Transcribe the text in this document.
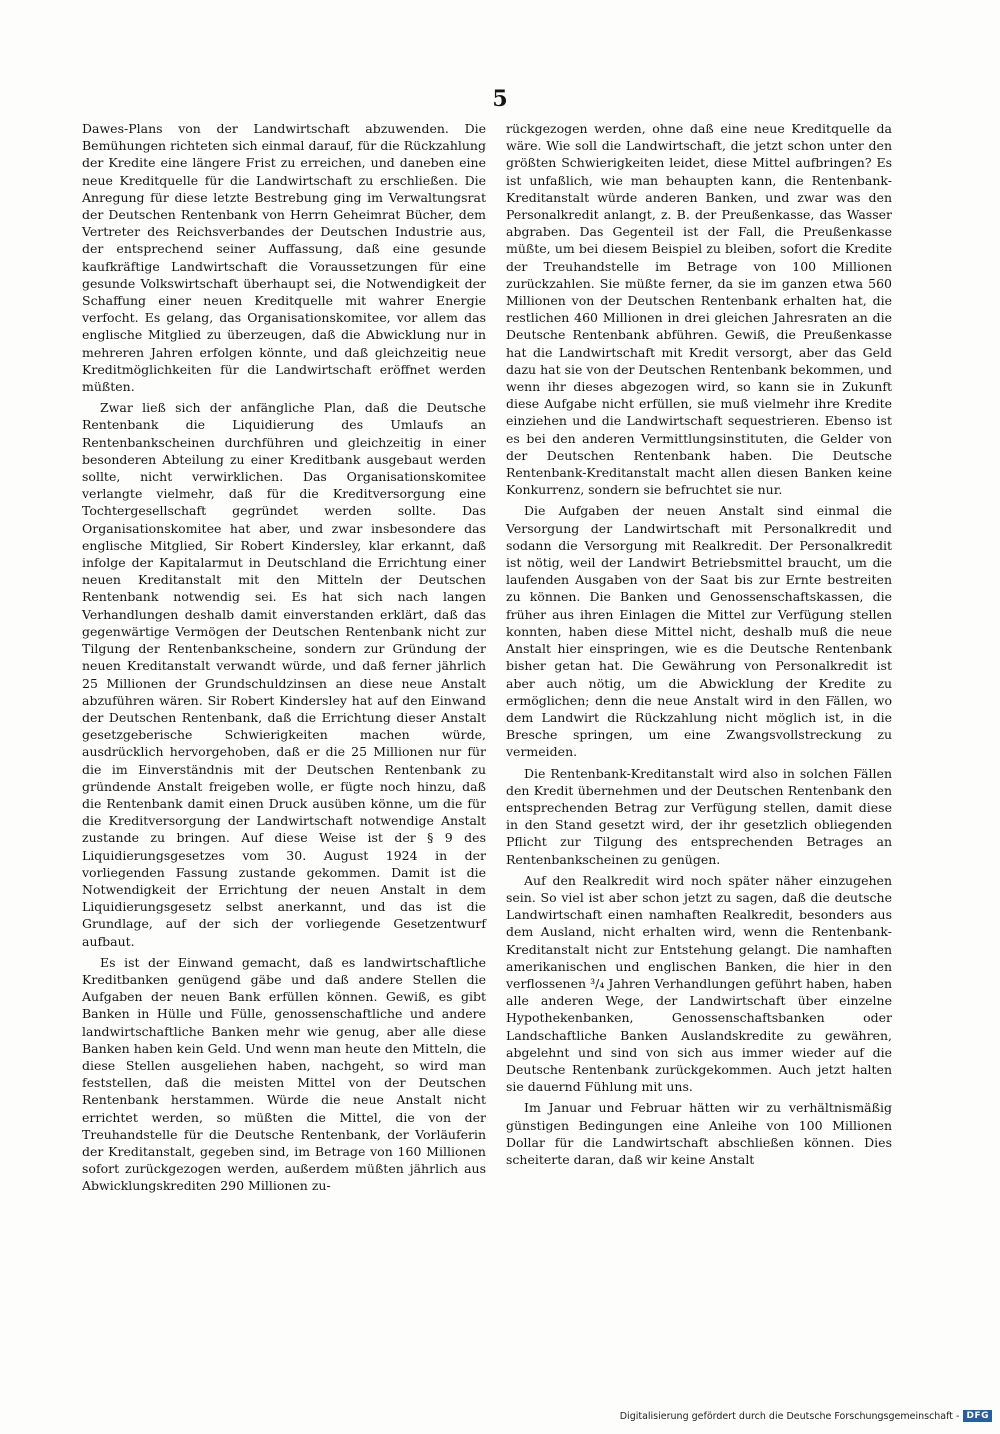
5

Dawes-Plans von der Landwirtschaft abzuwenden. Die Bemühungen richteten sich einmal darauf, für die Rückzahlung der Kredite eine längere Frist zu erreichen, und daneben eine neue Kreditquelle für die Landwirtschaft zu erschließen. Die Anregung für diese letzte Bestrebung ging im Verwaltungsrat der Deutschen Rentenbank von Herrn Geheimrat Bücher, dem Vertreter des Reichsverbandes der Deutschen Industrie aus, der entsprechend seiner Auffassung, daß eine gesunde kaufkräftige Landwirtschaft die Voraussetzungen für eine gesunde Volkswirtschaft überhaupt sei, die Notwendigkeit der Schaffung einer neuen Kreditquelle mit wahrer Energie verfocht. Es gelang, das Organisationskomitee, vor allem das englische Mitglied zu überzeugen, daß die Abwicklung nur in mehreren Jahren erfolgen könnte, und daß gleichzeitig neue Kreditmöglichkeiten für die Landwirtschaft eröffnet werden müßten.

Zwar ließ sich der anfängliche Plan, daß die Deutsche Rentenbank die Liquidierung des Umlaufs an Rentenbankscheinen durchführen und gleichzeitig in einer besonderen Abteilung zu einer Kreditbank ausgebaut werden sollte, nicht verwirklichen. Das Organisationskomitee verlangte vielmehr, daß für die Kreditversorgung eine Tochtergesellschaft gegründet werden sollte. Das Organisationskomitee hat aber, und zwar insbesondere das englische Mitglied, Sir Robert Kindersley, klar erkannt, daß infolge der Kapitalarmut in Deutschland die Errichtung einer neuen Kreditanstalt mit den Mitteln der Deutschen Rentenbank notwendig sei. Es hat sich nach langen Verhandlungen deshalb damit einverstanden erklärt, daß das gegenwärtige Vermögen der Deutschen Rentenbank nicht zur Tilgung der Rentenbankscheine, sondern zur Gründung der neuen Kreditanstalt verwandt würde, und daß ferner jährlich 25 Millionen der Grundschuldzinsen an diese neue Anstalt abzuführen wären. Sir Robert Kindersley hat auf den Einwand der Deutschen Rentenbank, daß die Errichtung dieser Anstalt gesetzgeberische Schwierigkeiten machen würde, ausdrücklich hervorgehoben, daß er die 25 Millionen nur für die im Einverständnis mit der Deutschen Rentenbank zu gründende Anstalt freigeben wolle, er fügte noch hinzu, daß die Rentenbank damit einen Druck ausüben könne, um die für die Kreditversorgung der Landwirtschaft notwendige Anstalt zustande zu bringen. Auf diese Weise ist der § 9 des Liquidierungsgesetzes vom 30. August 1924 in der vorliegenden Fassung zustande gekommen. Damit ist die Notwendigkeit der Errichtung der neuen Anstalt in dem Liquidierungsgesetz selbst anerkannt, und das ist die Grundlage, auf der sich der vorliegende Gesetzentwurf aufbaut.

Es ist der Einwand gemacht, daß es landwirtschaftliche Kreditbanken genügend gäbe und daß andere Stellen die Aufgaben der neuen Bank erfüllen können. Gewiß, es gibt Banken in Hülle und Fülle, genossenschaftliche und andere landwirtschaftliche Banken mehr wie genug, aber alle diese Banken haben kein Geld. Und wenn man heute den Mitteln, die diese Stellen ausgeliehen haben, nachgeht, so wird man feststellen, daß die meisten Mittel von der Deutschen Rentenbank herstammen. Würde die neue Anstalt nicht errichtet werden, so müßten die Mittel, die von der Treuhandstelle für die Deutsche Rentenbank, der Vorläuferin der Kreditanstalt, gegeben sind, im Betrage von 160 Millionen sofort zurückgezogen werden, außerdem müßten jährlich aus Abwicklungskrediten 290 Millionen zu-

rückgezogen werden, ohne daß eine neue Kreditquelle da wäre. Wie soll die Landwirtschaft, die jetzt schon unter den größten Schwierigkeiten leidet, diese Mittel aufbringen? Es ist unfaßlich, wie man behaupten kann, die Rentenbank-Kreditanstalt würde anderen Banken, und zwar was den Personalkredit anlangt, z. B. der Preußenkasse, das Wasser abgraben. Das Gegenteil ist der Fall, die Preußenkasse müßte, um bei diesem Beispiel zu bleiben, sofort die Kredite der Treuhandstelle im Betrage von 100 Millionen zurückzahlen. Sie müßte ferner, da sie im ganzen etwa 560 Millionen von der Deutschen Rentenbank erhalten hat, die restlichen 460 Millionen in drei gleichen Jahresraten an die Deutsche Rentenbank abführen. Gewiß, die Preußenkasse hat die Landwirtschaft mit Kredit versorgt, aber das Geld dazu hat sie von der Deutschen Rentenbank bekommen, und wenn ihr dieses abgezogen wird, so kann sie in Zukunft diese Aufgabe nicht erfüllen, sie muß vielmehr ihre Kredite einziehen und die Landwirtschaft sequestrieren. Ebenso ist es bei den anderen Vermittlungsinstituten, die Gelder von der Deutschen Rentenbank haben. Die Deutsche Rentenbank-Kreditanstalt macht allen diesen Banken keine Konkurrenz, sondern sie befruchtet sie nur.

Die Aufgaben der neuen Anstalt sind einmal die Versorgung der Landwirtschaft mit Personalkredit und sodann die Versorgung mit Realkredit. Der Personalkredit ist nötig, weil der Landwirt Betriebsmittel braucht, um die laufenden Ausgaben von der Saat bis zur Ernte bestreiten zu können. Die Banken und Genossenschaftskassen, die früher aus ihren Einlagen die Mittel zur Verfügung stellen konnten, haben diese Mittel nicht, deshalb muß die neue Anstalt hier einspringen, wie es die Deutsche Rentenbank bisher getan hat. Die Gewährung von Personalkredit ist aber auch nötig, um die Abwicklung der Kredite zu ermöglichen; denn die neue Anstalt wird in den Fällen, wo dem Landwirt die Rückzahlung nicht möglich ist, in die Bresche springen, um eine Zwangsvollstreckung zu vermeiden.

Die Rentenbank-Kreditanstalt wird also in solchen Fällen den Kredit übernehmen und der Deutschen Rentenbank den entsprechenden Betrag zur Verfügung stellen, damit diese in den Stand gesetzt wird, der ihr gesetzlich obliegenden Pflicht zur Tilgung des entsprechenden Betrages an Rentenbankscheinen zu genügen.

Auf den Realkredit wird noch später näher einzugehen sein. So viel ist aber schon jetzt zu sagen, daß die deutsche Landwirtschaft einen namhaften Realkredit, besonders aus dem Ausland, nicht erhalten wird, wenn die Rentenbank-Kreditanstalt nicht zur Entstehung gelangt. Die namhaften amerikanischen und englischen Banken, die hier in den verflossenen ³/₄ Jahren Verhandlungen geführt haben, haben alle anderen Wege, der Landwirtschaft über einzelne Hypothekenbanken, Genossenschaftsbanken oder Landschaftliche Banken Auslandskredite zu gewähren, abgelehnt und sind von sich aus immer wieder auf die Deutsche Rentenbank zurückgekommen. Auch jetzt halten sie dauernd Fühlung mit uns.

Im Januar und Februar hätten wir zu verhältnismäßig günstigen Bedingungen eine Anleihe von 100 Millionen Dollar für die Landwirtschaft abschließen können. Dies scheiterte daran, daß wir keine Anstalt

Digitalisierung gefördert durch die Deutsche Forschungsgemeinschaft - DFG
